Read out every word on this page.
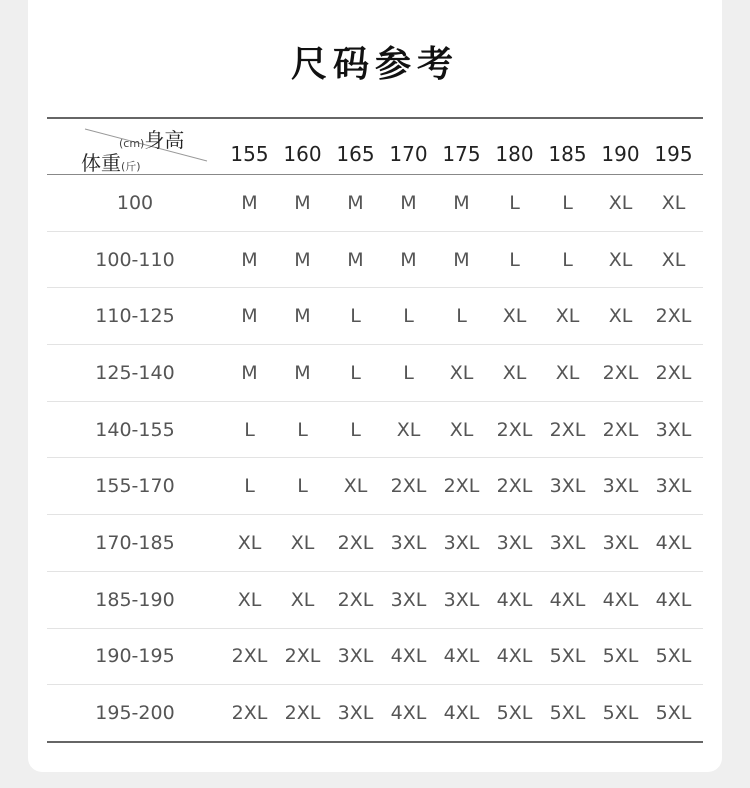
尺码参考
(cm)身高
体重(斤)
155 160 165 170 175 180 185 190 195
100	M	M	M	M	M	L	L	XL	XL
100-110	M	M	M	M	M	L	L	XL	XL
110-125	M	M	L	L	L	XL	XL	XL	2XL
125-140	M	M	L	L	XL	XL	XL	2XL 2XL
140-155	L	L	L	XL	XL	2XL 2XL 2XL 3XL
155-170	L	L	XL	2XL 2XL 2XL 3XL 3XL 3XL
170-185	XL	XL	2XL 3XL 3XL 3XL 3XL 3XL 4XL
185-190	XL	XL	2XL 3XL 3XL 4XL 4XL 4XL 4XL
190-195	2XL 2XL 3XL 4XL 4XL 4XL 5XL 5XL 5XL
195-200	2XL 2XL 3XL 4XL 4XL 5XL 5XL 5XL 5XL
